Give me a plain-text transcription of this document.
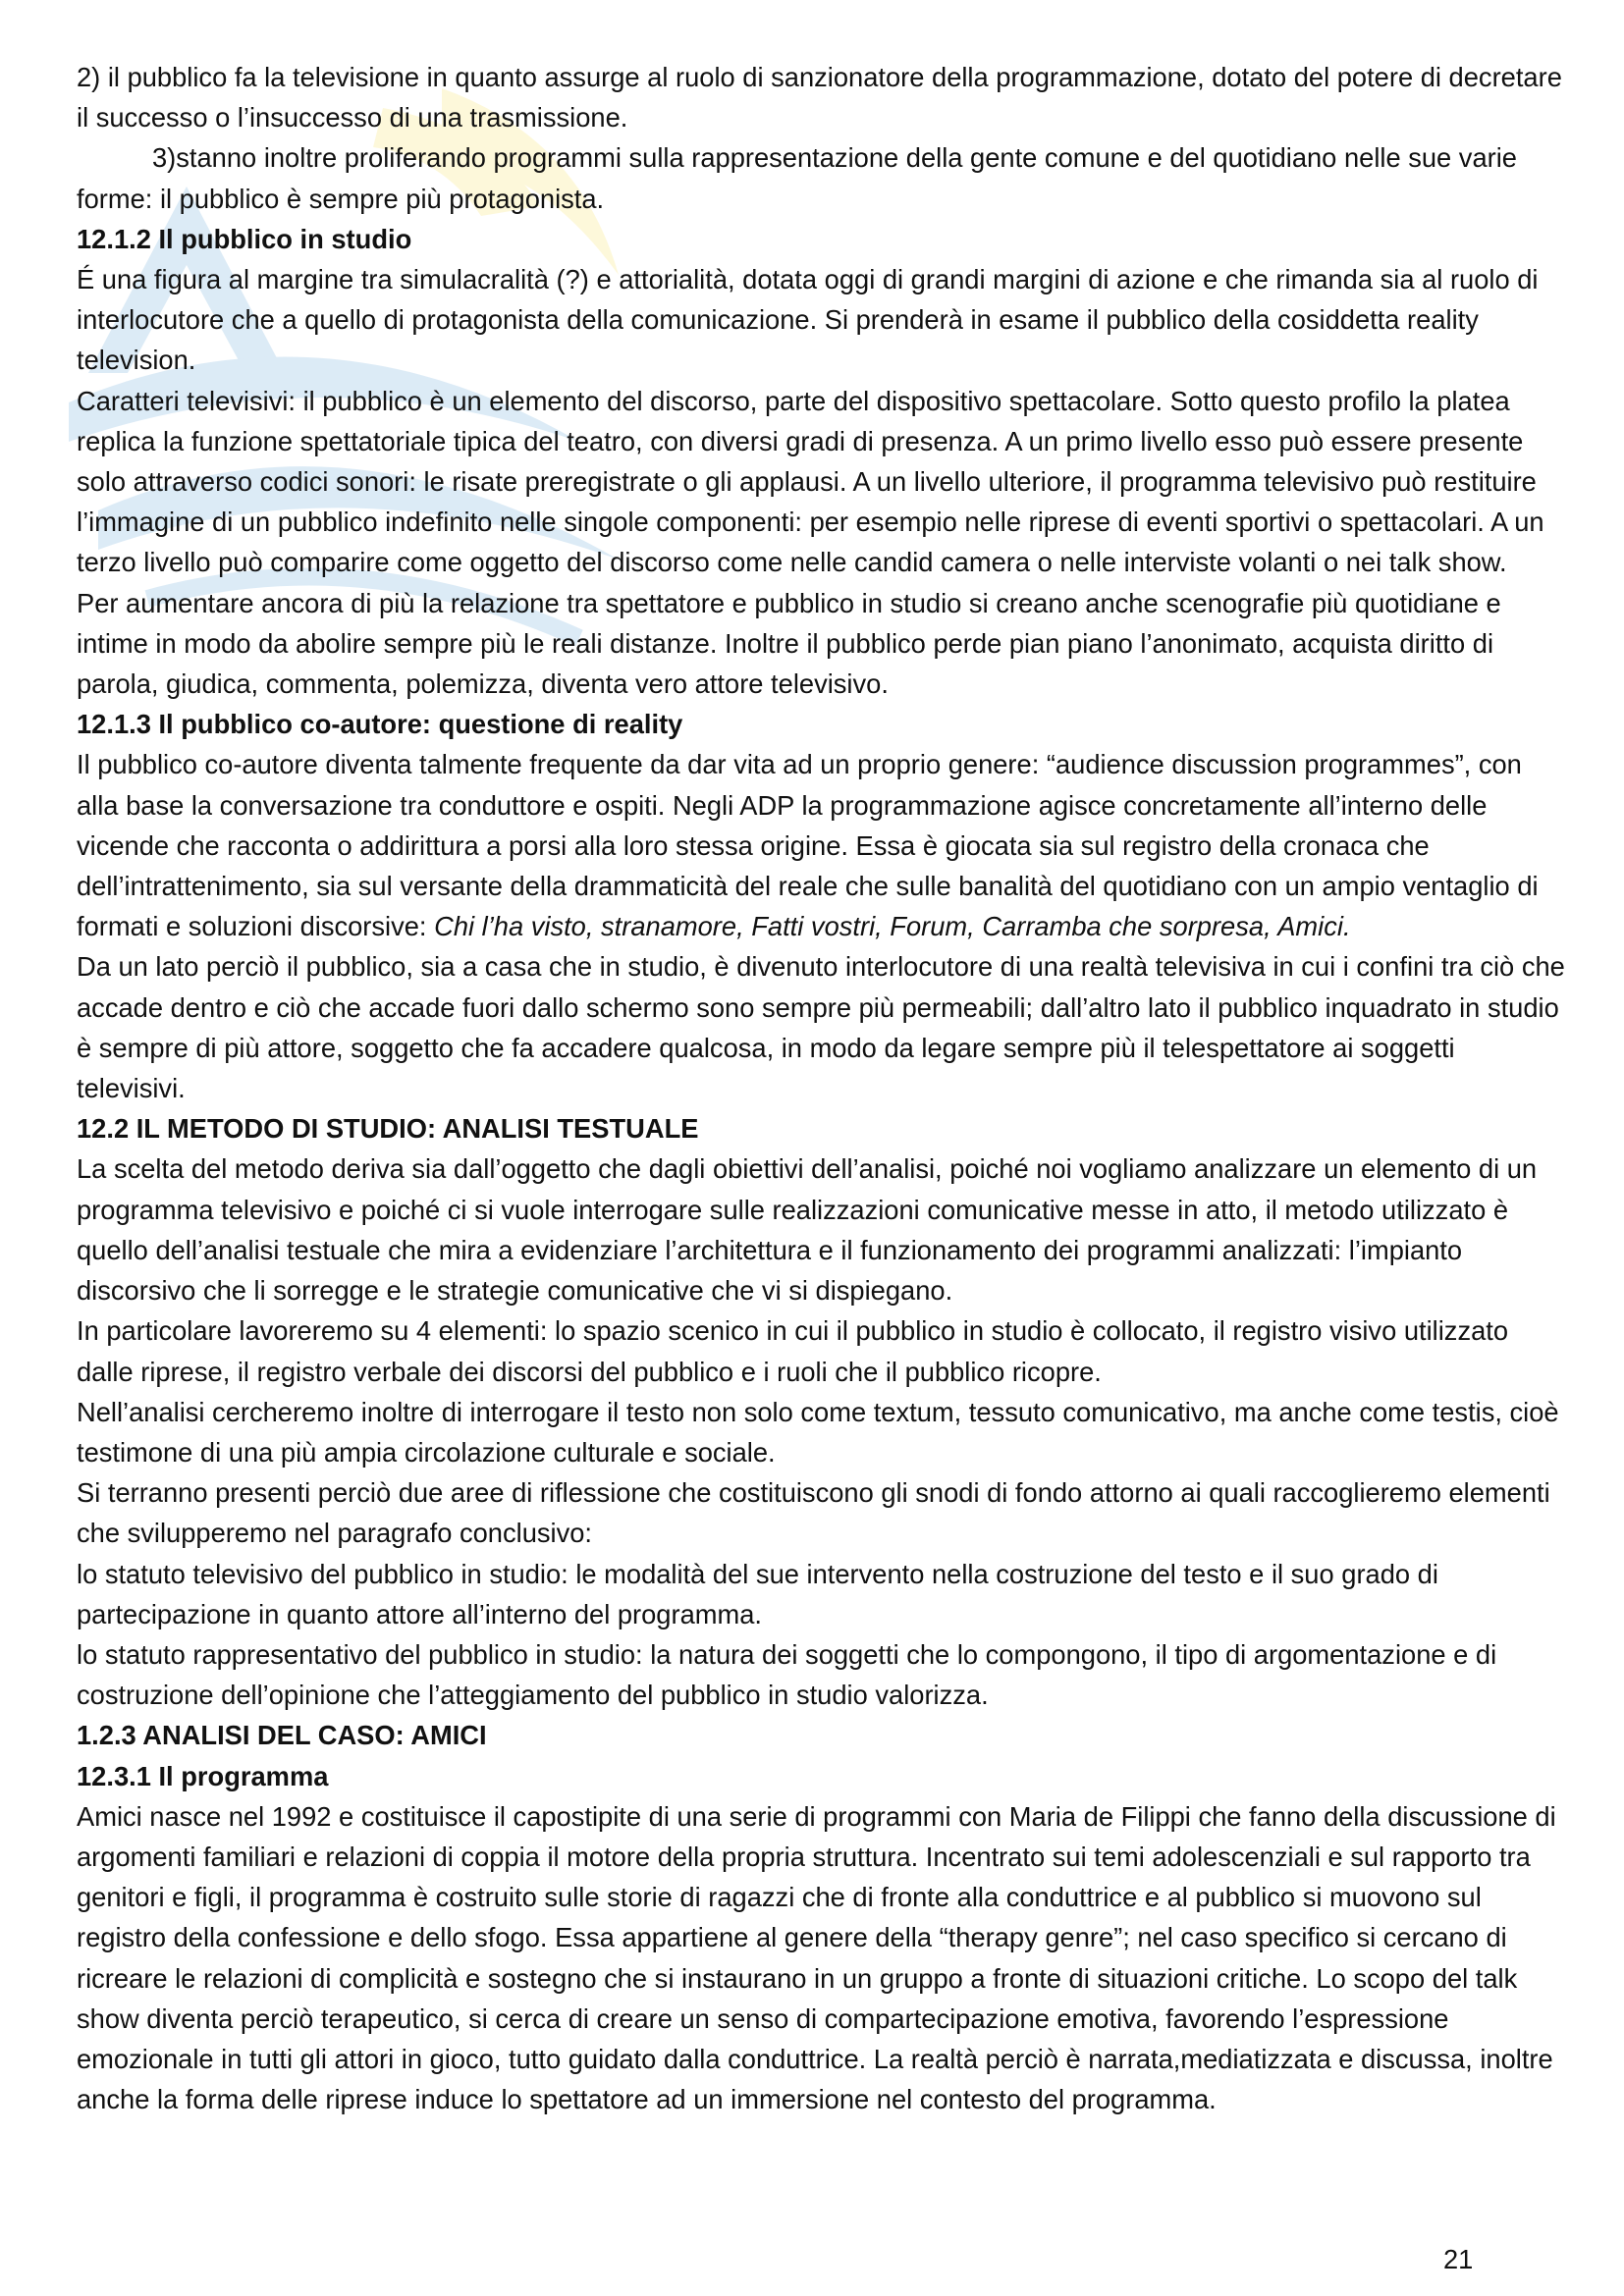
2) il pubblico fa la televisione in quanto assurge al ruolo di sanzionatore della programmazione, dotato del potere di decretare il successo o l’insuccesso di una trasmissione.

3)stanno inoltre proliferando programmi sulla rappresentazione della gente comune e del quotidiano nelle sue varie forme: il pubblico è sempre più protagonista.

12.1.2 Il pubblico in studio

É una figura al margine tra simulacralità (?) e attorialità, dotata oggi di grandi margini di azione e che rimanda sia al ruolo di interlocutore che a quello di protagonista della comunicazione. Si prenderà in esame il pubblico della cosiddetta reality television.

Caratteri televisivi: il pubblico è un elemento del discorso, parte del dispositivo spettacolare. Sotto questo profilo la platea replica la funzione spettatoriale tipica del teatro, con diversi gradi di presenza. A un primo livello esso può essere presente solo attraverso codici sonori: le risate preregistrate o gli applausi. A un livello ulteriore, il programma televisivo può restituire l’immagine di un pubblico indefinito nelle singole componenti: per esempio nelle riprese di eventi sportivi o spettacolari. A un terzo livello può comparire come oggetto del discorso come nelle candid camera o nelle interviste volanti o nei talk show.

Per aumentare ancora di più la relazione tra spettatore e pubblico in studio si creano anche scenografie più quotidiane e intime in modo da abolire sempre più le reali distanze. Inoltre il pubblico perde pian piano l’anonimato, acquista diritto di parola, giudica, commenta, polemizza, diventa vero attore televisivo.

12.1.3 Il pubblico co-autore: questione di reality

Il pubblico co-autore diventa talmente frequente da dar vita ad un proprio genere: “audience discussion programmes”, con alla base la conversazione tra conduttore e ospiti. Negli ADP la programmazione agisce concretamente all’interno delle vicende che racconta o addirittura a porsi alla loro stessa origine. Essa è giocata sia sul registro della cronaca che dell’intrattenimento, sia sul versante della drammaticità del reale che sulle banalità del quotidiano con un ampio ventaglio di formati e soluzioni discorsive: Chi l’ha visto, stranamore, Fatti vostri, Forum, Carramba che sorpresa, Amici.

Da un lato perciò il pubblico, sia a casa che in studio, è divenuto interlocutore di una realtà televisiva in cui i confini tra ciò che accade dentro e ciò che accade fuori dallo schermo sono sempre più permeabili; dall’altro lato il pubblico inquadrato in studio è sempre di più attore, soggetto che fa accadere qualcosa, in modo da legare sempre più il telespettatore ai soggetti televisivi.

12.2 IL METODO DI STUDIO: ANALISI TESTUALE

La scelta del metodo deriva sia dall’oggetto che dagli obiettivi dell’analisi, poiché noi vogliamo analizzare un elemento di un programma televisivo e poiché ci si vuole interrogare sulle realizzazioni comunicative messe in atto, il metodo utilizzato è quello dell’analisi testuale che mira a evidenziare l’architettura e il funzionamento dei programmi analizzati: l’impianto discorsivo che li sorregge e le strategie comunicative che vi si dispiegano.

In particolare lavoreremo su 4 elementi: lo spazio scenico in cui il pubblico in studio è collocato, il registro visivo utilizzato dalle riprese, il registro verbale dei discorsi del pubblico e i ruoli che il pubblico ricopre.

Nell’analisi cercheremo inoltre di interrogare il testo non solo come textum, tessuto comunicativo, ma anche come testis, cioè testimone di una più ampia circolazione culturale e sociale.

Si terranno presenti perciò due aree di riflessione che costituiscono gli snodi di fondo attorno ai quali raccoglieremo elementi che svilupperemo nel paragrafo conclusivo:

lo statuto televisivo del pubblico in studio: le modalità del sue intervento nella costruzione del testo e il suo grado di partecipazione in quanto attore all’interno del programma.

lo statuto rappresentativo del pubblico in studio: la natura dei soggetti che lo compongono, il tipo di argomentazione e di costruzione dell’opinione che l’atteggiamento del pubblico in studio valorizza.

1.2.3 ANALISI DEL CASO: AMICI

12.3.1 Il programma

Amici nasce nel 1992 e costituisce il capostipite di una serie di programmi con Maria de Filippi che fanno della discussione di argomenti familiari e relazioni di coppia il motore della propria struttura. Incentrato sui temi adolescenziali e sul rapporto tra genitori e figli, il programma è costruito sulle storie di ragazzi che di fronte alla conduttrice e al pubblico si muovono sul registro della confessione e dello sfogo. Essa appartiene al genere della “therapy genre”; nel caso specifico si cercano di ricreare le relazioni di complicità e sostegno che si instaurano in un gruppo a fronte di situazioni critiche. Lo scopo del talk show diventa perciò terapeutico, si cerca di creare un senso di compartecipazione emotiva, favorendo l’espressione emozionale in tutti gli attori in gioco, tutto guidato dalla conduttrice. La realtà perciò è narrata,mediatizzata e discussa, inoltre anche la forma delle riprese induce lo spettatore ad un immersione nel contesto del programma.

21
